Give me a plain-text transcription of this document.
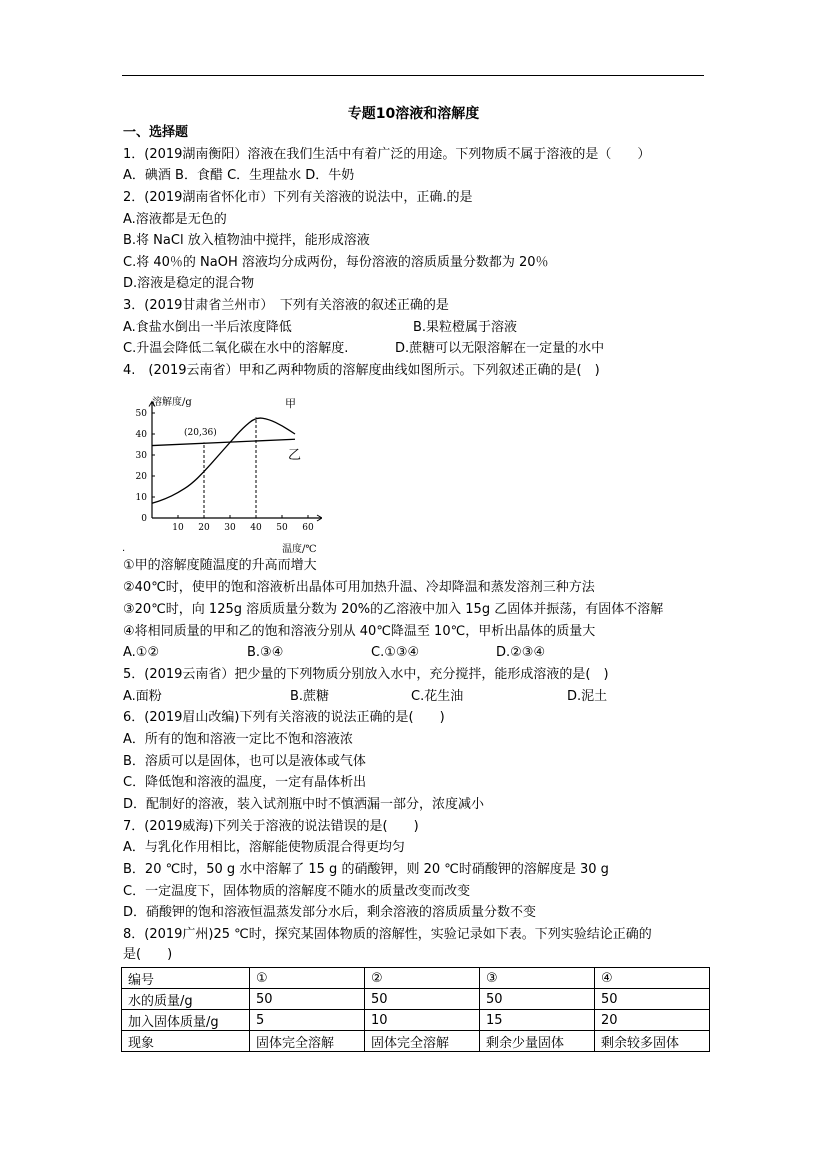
专题10溶液和溶解度
一、选择题
1．(2019湖南衡阳）溶液在我们生活中有着广泛的用途。下列物质不属于溶液的是（　　）
A．碘酒 B．食醋 C．生理盐水 D．牛奶
2．(2019湖南省怀化市）下列有关溶液的说法中，正确.的是
A.溶液都是无色的
B.将 NaCl 放入植物油中搅拌，能形成溶液
C.将 40％的 NaOH 溶液均分成两份，每份溶液的溶质质量分数都为 20％
D.溶液是稳定的混合物
3．(2019甘肃省兰州市）　下列有关溶液的叙述正确的是
A.食盐水倒出一半后浓度降低	B.果粒橙属于溶液
C.升温会降低二氧化碳在水中的溶解度.	D.蔗糖可以无限溶解在一定量的水中
4.　(2019云南省）甲和乙两种物质的溶解度曲线如图所示。下列叙述正确的是(　)
10 20 30 40 50 60
0
10
20
30
40
50
溶解度/g
温度/℃
(20,36)
甲
乙
.
①甲的溶解度随温度的升高而增大
②40℃时，使甲的饱和溶液析出晶体可用加热升温、冷却降温和蒸发溶剂三种方法
③20℃时，向 125g 溶质质量分数为 20%的乙溶液中加入 15g 乙固体并振荡，有固体不溶解
④将相同质量的甲和乙的饱和溶液分别从 40℃降温至 10℃，甲析出晶体的质量大
A.①②	B.③④	C.①③④	D.②③④
5．(2019云南省）把少量的下列物质分别放入水中，充分搅拌，能形成溶液的是(　)
A.面粉	B.蔗糖	C.花生油	D.泥土
6．(2019眉山改编)下列有关溶液的说法正确的是(　　)
A．所有的饱和溶液一定比不饱和溶液浓
B．溶质可以是固体，也可以是液体或气体
C．降低饱和溶液的温度，一定有晶体析出
D．配制好的溶液，装入试剂瓶中时不慎洒漏一部分，浓度减小
7．(2019威海)下列关于溶液的说法错误的是(　　)
A．与乳化作用相比，溶解能使物质混合得更均匀
B．20 ℃时，50 g 水中溶解了 15 g 的硝酸钾，则 20 ℃时硝酸钾的溶解度是 30 g
C．一定温度下，固体物质的溶解度不随水的质量改变而改变
D．硝酸钾的饱和溶液恒温蒸发部分水后，剩余溶液的溶质质量分数不变
8．(2019广州)25 ℃时，探究某固体物质的溶解性，实验记录如下表。下列实验结论正确的
是(　　)
编号	①	②	③	④
水的质量/g	50	50	50	50
加入固体质量/g	5	10	15	20
现象	固体完全溶解	固体完全溶解	剩余少量固体	剩余较多固体
